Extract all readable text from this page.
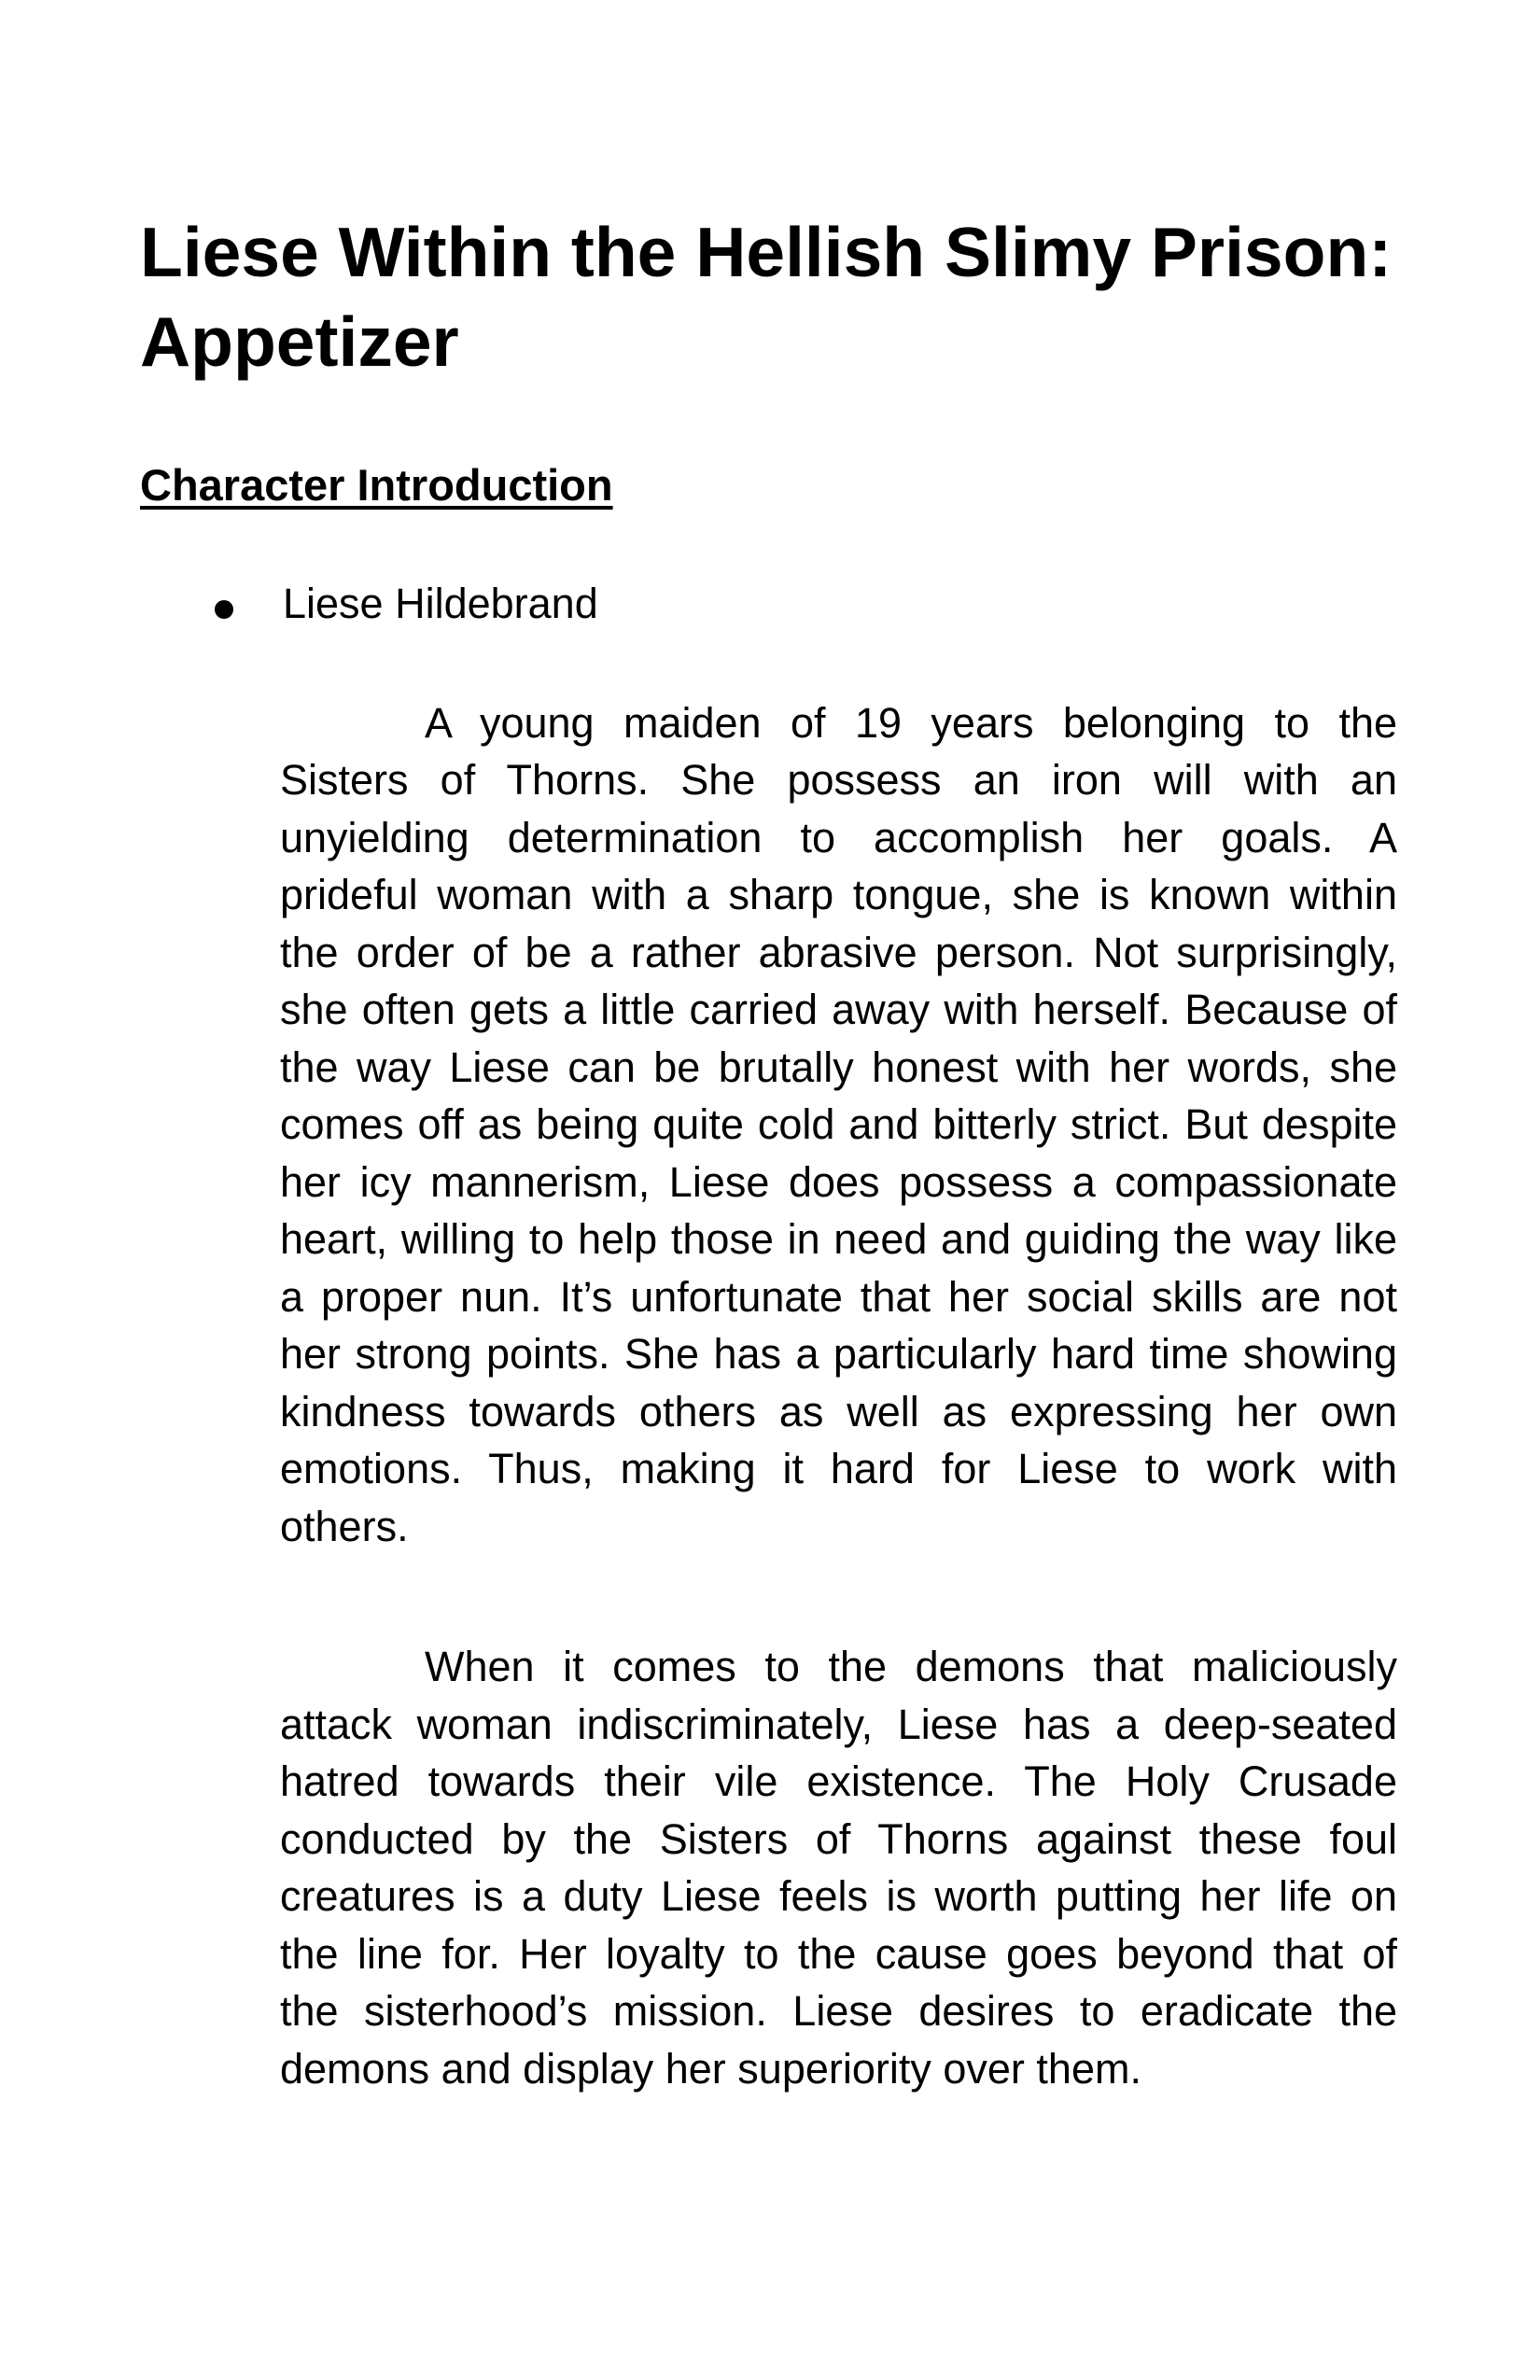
Liese Within the Hellish Slimy Prison:
Appetizer
Character Introduction
Liese Hildebrand
A young maiden of 19 years belonging to the
Sisters of Thorns. She possess an iron will with an
unyielding determination to accomplish her goals. A
prideful woman with a sharp tongue, she is known within
the order of be a rather abrasive person. Not surprisingly,
she often gets a little carried away with herself. Because of
the way Liese can be brutally honest with her words, she
comes off as being quite cold and bitterly strict. But despite
her icy mannerism, Liese does possess a compassionate
heart, willing to help those in need and guiding the way like
a proper nun. It’s unfortunate that her social skills are not
her strong points. She has a particularly hard time showing
kindness towards others as well as expressing her own
emotions. Thus, making it hard for Liese to work with
others.
When it comes to the demons that maliciously
attack woman indiscriminately, Liese has a deep-seated
hatred towards their vile existence. The Holy Crusade
conducted by the Sisters of Thorns against these foul
creatures is a duty Liese feels is worth putting her life on
the line for. Her loyalty to the cause goes beyond that of
the sisterhood’s mission. Liese desires to eradicate the
demons and display her superiority over them.
